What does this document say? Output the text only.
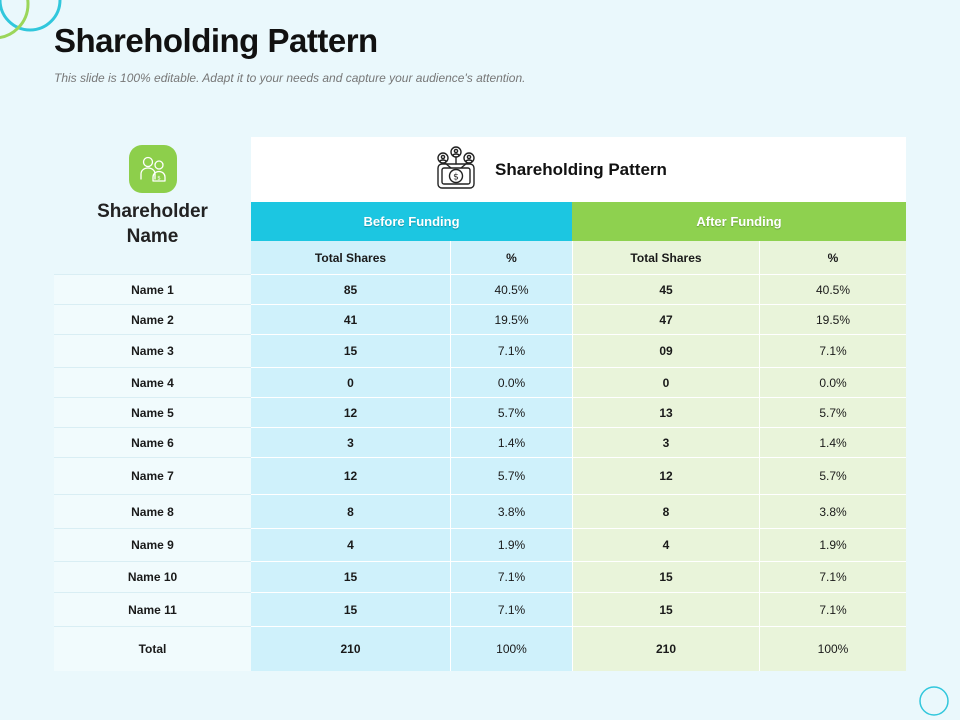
Shareholding Pattern

This slide is 100% editable. Adapt it to your needs and capture your audience's attention.

$
Shareholder Name
$ Shareholding Pattern
Before Funding	After Funding
Total Shares	%	Total Shares	%
Name 1	85	40.5%	45	40.5%
Name 2	41	19.5%	47	19.5%
Name 3	15	7.1%	09	7.1%
Name 4	0	0.0%	0	0.0%
Name 5	12	5.7%	13	5.7%
Name 6	3	1.4%	3	1.4%
Name 7	12	5.7%	12	5.7%
Name 8	8	3.8%	8	3.8%
Name 9	4	1.9%	4	1.9%
Name 10	15	7.1%	15	7.1%
Name 11	15	7.1%	15	7.1%
Total	210	100%	210	100%
